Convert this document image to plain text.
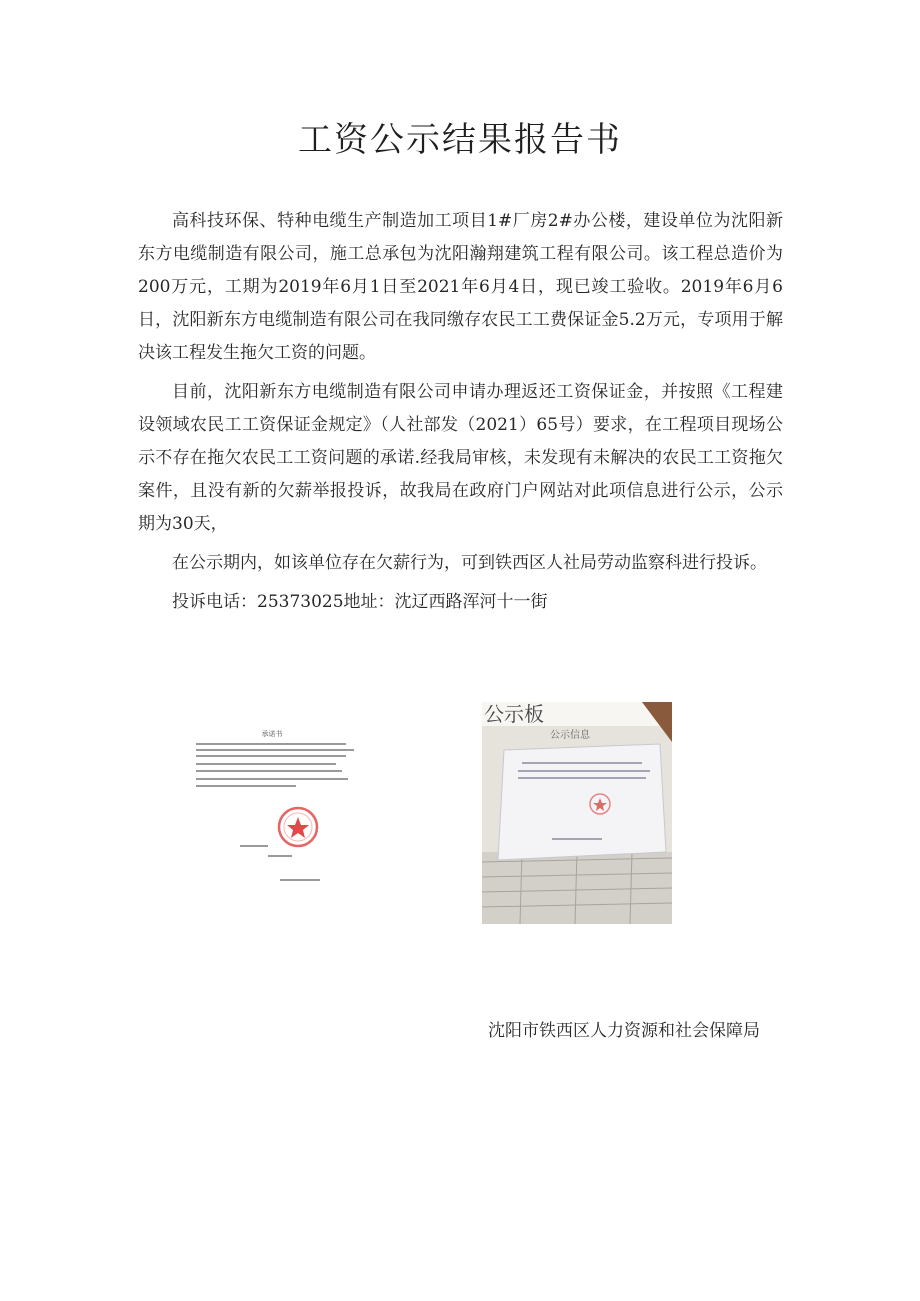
工资公示结果报告书

高科技环保、特种电缆生产制造加工项目1#厂房2#办公楼，建设单位为沈阳新东方电缆制造有限公司，施工总承包为沈阳瀚翔建筑工程有限公司。该工程总造价为200万元，工期为2019年6月1日至2021年6月4日，现已竣工验收。2019年6月6日，沈阳新东方电缆制造有限公司在我同缴存农民工工费保证金5.2万元，专项用于解决该工程发生拖欠工资的问题。

目前，沈阳新东方电缆制造有限公司申请办理返还工资保证金，并按照《工程建设领域农民工工资保证金规定》（人社部发（2021）65号）要求，在工程项目现场公示不存在拖欠农民工工资问题的承诺.经我局审核，未发现有未解决的农民工工资拖欠案件，且没有新的欠薪举报投诉，故我局在政府门户网站对此项信息进行公示，公示期为30天，

在公示期内，如该单位存在欠薪行为，可到铁西区人社局劳动监察科进行投诉。

投诉电话：25373025地址：沈辽西路浑河十一街

承诺书
公示板
公示信息
沈阳市铁西区人力资源和社会保障局
